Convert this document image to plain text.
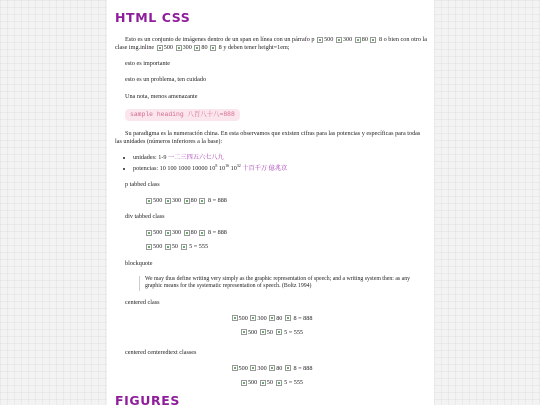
HTML CSS

Esto es un conjunto de imágenes dentro de un span en línea con un párrafo p 500 300 80 8 o bien con otro la clase img.inline 500 300 80 8 y deben tener height=1em;

esto es importante

esto es un problema, ten cuidado

Una nota, menos amenazante

sample heading 八百八十八=888

Su paradigma es la numeración china. En esta observamos que existen cifras para las potencias y específicas para todas las unidades (números inferiores a la base):

• unidades: 1-9 一二三四五六七八九
• potencias: 10 100 1000 10000 $10^8$ $10^{16}$ $10^{32}$ 十百千万 億兆京

p tabbed class

500 300 80 8 = 888

div tabbed class

500 300 80 8 = 888
500 50 5 = 555

blockquote

We may thus define writing very simply as the graphic representation of speech; and a writing system then: as any graphic means for the systematic representation of speech. (Boltz 1994)

centered class

500 300 80 8 = 888
500 50 5 = 555

centered centeredtext classes

500 300 80 8 = 888
500 50 5 = 555
FIGURES
